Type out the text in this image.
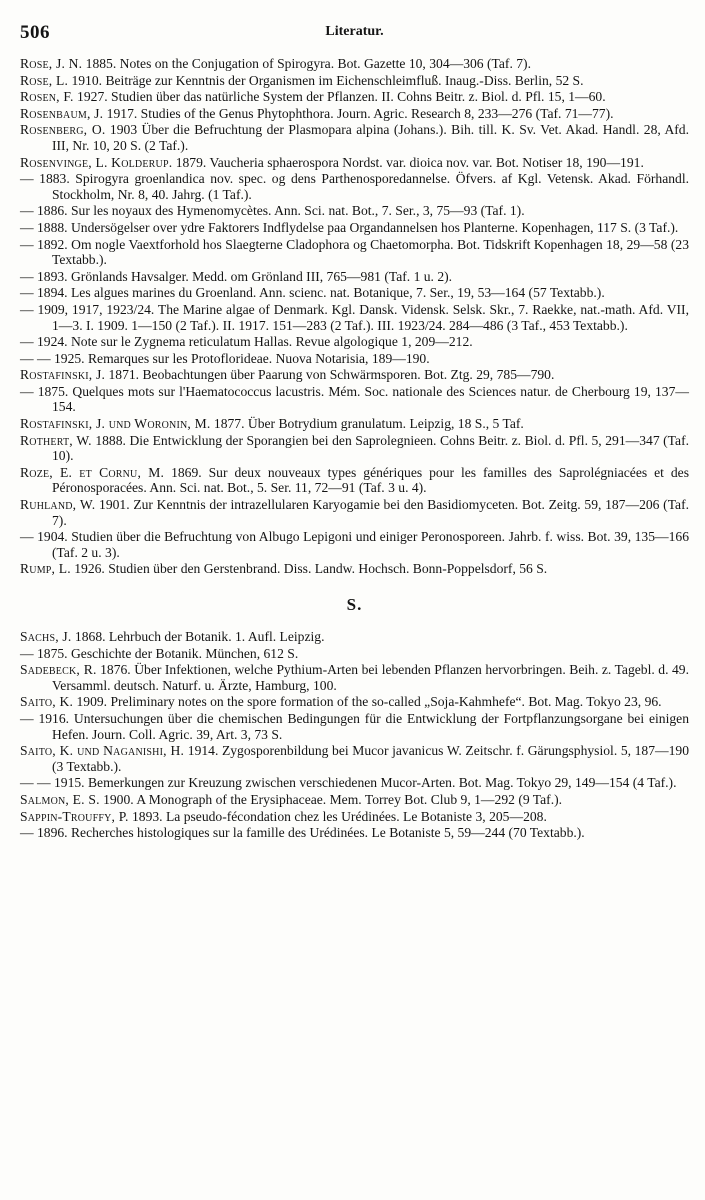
506	Literatur.

Rose, J. N. 1885. Notes on the Conjugation of Spirogyra. Bot. Gazette 10, 304—306 (Taf. 7).

Rose, L. 1910. Beiträge zur Kenntnis der Organismen im Eichenschleimfluß. Inaug.-Diss. Berlin, 52 S.

Rosen, F. 1927. Studien über das natürliche System der Pflanzen. II. Cohns Beitr. z. Biol. d. Pfl. 15, 1—60.

Rosenbaum, J. 1917. Studies of the Genus Phytophthora. Journ. Agric. Research 8, 233—276 (Taf. 71—77).

Rosenberg, O. 1903 Über die Befruchtung der Plasmopara alpina (Johans.). Bih. till. K. Sv. Vet. Akad. Handl. 28, Afd. III, Nr. 10, 20 S. (2 Taf.).

Rosenvinge, L. Kolderup. 1879. Vaucheria sphaerospora Nordst. var. dioica nov. var. Bot. Notiser 18, 190—191.

— 1883. Spirogyra groenlandica nov. spec. og dens Parthenosporedannelse. Öfvers. af Kgl. Vetensk. Akad. Förhandl. Stockholm, Nr. 8, 40. Jahrg. (1 Taf.).

— 1886. Sur les noyaux des Hymenomycètes. Ann. Sci. nat. Bot., 7. Ser., 3, 75—93 (Taf. 1).

— 1888. Undersögelser over ydre Faktorers Indflydelse paa Organdannelsen hos Planterne. Kopenhagen, 117 S. (3 Taf.).

— 1892. Om nogle Vaextforhold hos Slaegterne Cladophora og Chaetomorpha. Bot. Tidskrift Kopenhagen 18, 29—58 (23 Textabb.).

— 1893. Grönlands Havsalger. Medd. om Grönland III, 765—981 (Taf. 1 u. 2).

— 1894. Les algues marines du Groenland. Ann. scienc. nat. Botanique, 7. Ser., 19, 53—164 (57 Textabb.).

— 1909, 1917, 1923/24. The Marine algae of Denmark. Kgl. Dansk. Vidensk. Selsk. Skr., 7. Raekke, nat.-math. Afd. VII, 1—3. I. 1909. 1—150 (2 Taf.). II. 1917. 151—283 (2 Taf.). III. 1923/24. 284—486 (3 Taf., 453 Textabb.).

— 1924. Note sur le Zygnema reticulatum Hallas. Revue algologique 1, 209—212.

— — 1925. Remarques sur les Protoflorideae. Nuova Notarisia, 189—190.

Rostafinski, J. 1871. Beobachtungen über Paarung von Schwärmsporen. Bot. Ztg. 29, 785—790.

— 1875. Quelques mots sur l'Haematococcus lacustris. Mém. Soc. nationale des Sciences natur. de Cherbourg 19, 137—154.

Rostafinski, J. und Woronin, M. 1877. Über Botrydium granulatum. Leipzig, 18 S., 5 Taf.

Rothert, W. 1888. Die Entwicklung der Sporangien bei den Saprolegnieen. Cohns Beitr. z. Biol. d. Pfl. 5, 291—347 (Taf. 10).

Roze, E. et Cornu, M. 1869. Sur deux nouveaux types génériques pour les familles des Saprolégniacées et des Péronosporacées. Ann. Sci. nat. Bot., 5. Ser. 11, 72—91 (Taf. 3 u. 4).

Ruhland, W. 1901. Zur Kenntnis der intrazellularen Karyogamie bei den Basidiomyceten. Bot. Zeitg. 59, 187—206 (Taf. 7).

— 1904. Studien über die Befruchtung von Albugo Lepigoni und einiger Peronosporeen. Jahrb. f. wiss. Bot. 39, 135—166 (Taf. 2 u. 3).

Rump, L. 1926. Studien über den Gerstenbrand. Diss. Landw. Hochsch. Bonn-Poppelsdorf, 56 S.

S.

Sachs, J. 1868. Lehrbuch der Botanik. 1. Aufl. Leipzig.

— 1875. Geschichte der Botanik. München, 612 S.

Sadebeck, R. 1876. Über Infektionen, welche Pythium-Arten bei lebenden Pflanzen hervorbringen. Beih. z. Tagebl. d. 49. Versamml. deutsch. Naturf. u. Ärzte, Hamburg, 100.

Saito, K. 1909. Preliminary notes on the spore formation of the so-called „Soja-Kahmhefe“. Bot. Mag. Tokyo 23, 96.

— 1916. Untersuchungen über die chemischen Bedingungen für die Entwicklung der Fortpflanzungsorgane bei einigen Hefen. Journ. Coll. Agric. 39, Art. 3, 73 S.

Saito, K. und Naganishi, H. 1914. Zygosporenbildung bei Mucor javanicus W. Zeitschr. f. Gärungsphysiol. 5, 187—190 (3 Textabb.).

— — 1915. Bemerkungen zur Kreuzung zwischen verschiedenen Mucor-Arten. Bot. Mag. Tokyo 29, 149—154 (4 Taf.).

Salmon, E. S. 1900. A Monograph of the Erysiphaceae. Mem. Torrey Bot. Club 9, 1—292 (9 Taf.).

Sappin-Trouffy, P. 1893. La pseudo-fécondation chez les Urédinées. Le Botaniste 3, 205—208.

— 1896. Recherches histologiques sur la famille des Urédinées. Le Botaniste 5, 59—244 (70 Textabb.).
